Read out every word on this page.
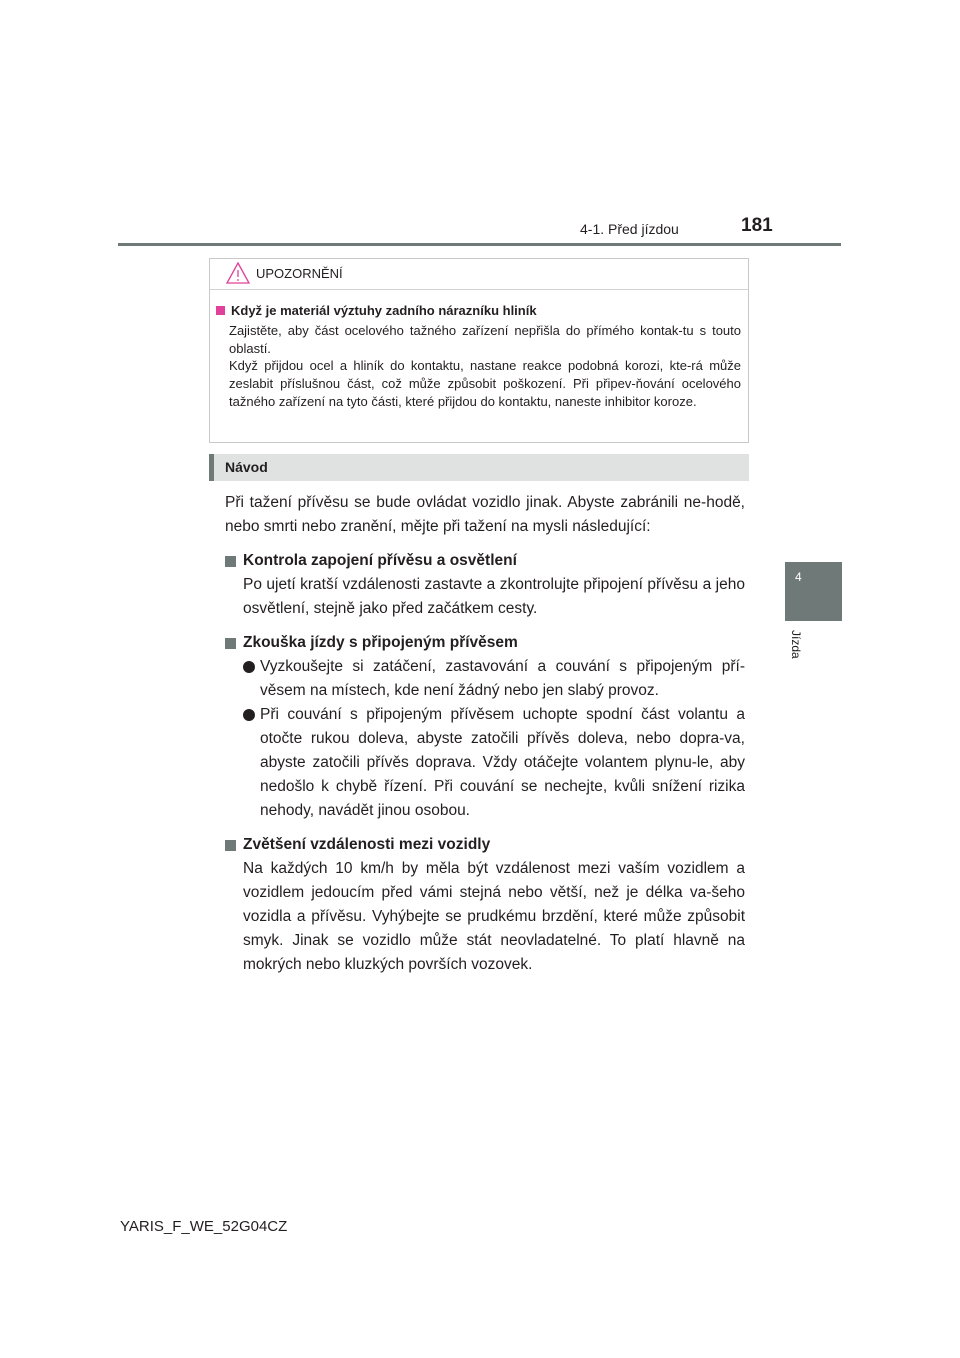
4-1. Před jízdou	181
4
Jízda
UPOZORNĚNÍ
Když je materiál výztuhy zadního nárazníku hliník

Zajistěte, aby část ocelového tažného zařízení nepřišla do přímého kontak-tu s touto oblastí.

Když přijdou ocel a hliník do kontaktu, nastane reakce podobná korozi, kte-rá může zeslabit příslušnou část, což může způsobit poškození. Při připev-ňování ocelového tažného zařízení na tyto části, které přijdou do kontaktu, naneste inhibitor koroze.

Návod

Při tažení přívěsu se bude ovládat vozidlo jinak. Abyste zabránili ne-hodě, nebo smrti nebo zranění, mějte při tažení na mysli následující:

Kontrola zapojení přívěsu a osvětlení

Po ujetí kratší vzdálenosti zastavte a zkontrolujte připojení přívěsu a jeho osvětlení, stejně jako před začátkem cesty.

Zkouška jízdy s připojeným přívěsem

Vyzkoušejte si zatáčení, zastavování a couvání s připojeným pří-věsem na místech, kde není žádný nebo jen slabý provoz.

Při couvání s připojeným přívěsem uchopte spodní část volantu a otočte rukou doleva, abyste zatočili přívěs doleva, nebo dopra-va, abyste zatočili přívěs doprava. Vždy otáčejte volantem plynu-le, aby nedošlo k chybě řízení. Při couvání se nechejte, kvůli snížení rizika nehody, navádět jinou osobou.

Zvětšení vzdálenosti mezi vozidly

Na každých 10 km/h by měla být vzdálenost mezi vaším vozidlem a vozidlem jedoucím před vámi stejná nebo větší, než je délka va-šeho vozidla a přívěsu. Vyhýbejte se prudkému brzdění, které může způsobit smyk. Jinak se vozidlo může stát neovladatelné. To platí hlavně na mokrých nebo kluzkých površích vozovek.

YARIS_F_WE_52G04CZ
